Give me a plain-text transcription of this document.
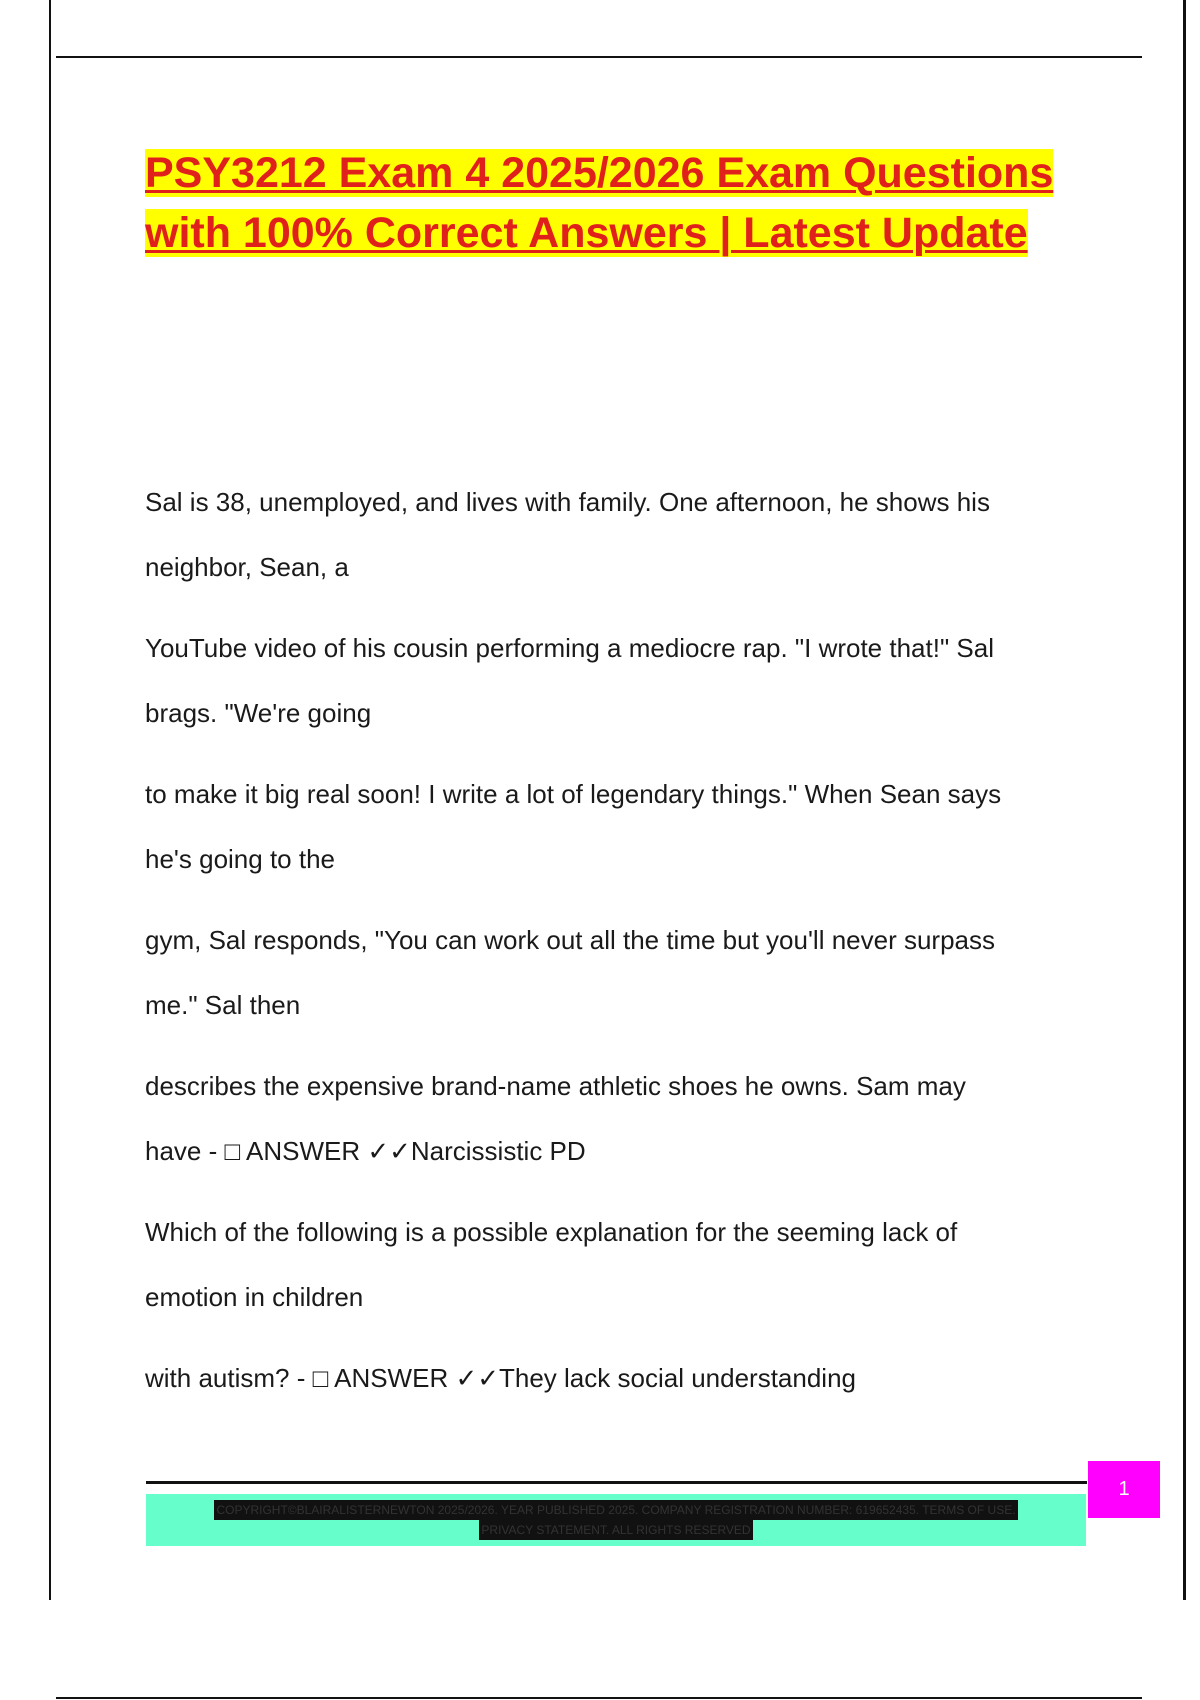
PSY3212 Exam 4 2025/2026 Exam Questions with 100% Correct Answers | Latest Update

Sal is 38, unemployed, and lives with family. One afternoon, he shows his
neighbor, Sean, a

YouTube video of his cousin performing a mediocre rap. "I wrote that!" Sal
brags. "We're going

to make it big real soon! I write a lot of legendary things." When Sean says
he's going to the

gym, Sal responds, "You can work out all the time but you'll never surpass
me." Sal then

describes the expensive brand-name athletic shoes he owns. Sam may
have - □ ANSWER ✓✓Narcissistic PD

Which of the following is a possible explanation for the seeming lack of
emotion in children

with autism? - □ ANSWER ✓✓They lack social understanding

1
COPYRIGHT©BLAIRALISTERNEWTON 2025/2026. YEAR PUBLISHED 2025. COMPANY REGISTRATION NUMBER: 619652435. TERMS OF USE.
PRIVACY STATEMENT. ALL RIGHTS RESERVED
